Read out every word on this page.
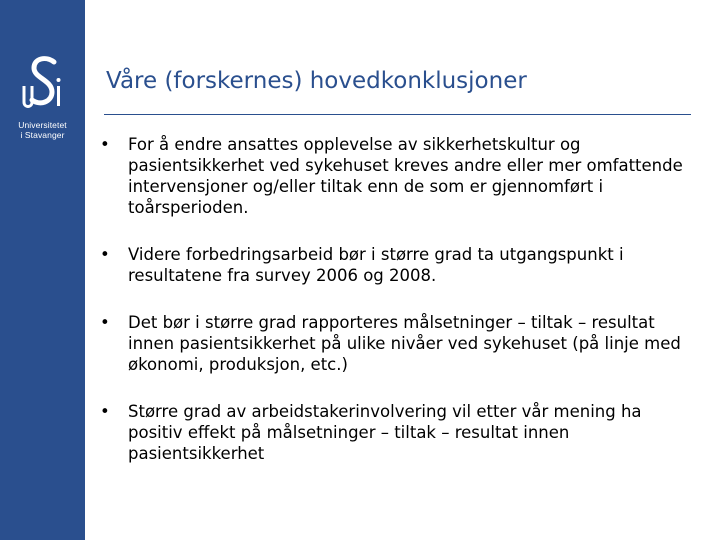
Universitetet
i Stavanger
Våre (forskernes) hovedkonklusjoner
•	For å endre ansattes opplevelse av sikkerhetskultur og pasientsikkerhet ved sykehuset kreves andre eller mer omfattende intervensjoner og/eller tiltak enn de som er gjennomført i toårsperioden.
•	Videre forbedringsarbeid bør i større grad ta utgangspunkt i resultatene fra survey 2006 og 2008.
•	Det bør i større grad rapporteres målsetninger – tiltak – resultat innen pasientsikkerhet på ulike nivåer ved sykehuset (på linje med økonomi, produksjon, etc.)
•	Større grad av arbeidstakerinvolvering vil etter vår mening ha positiv effekt på målsetninger – tiltak – resultat innen pasientsikkerhet
